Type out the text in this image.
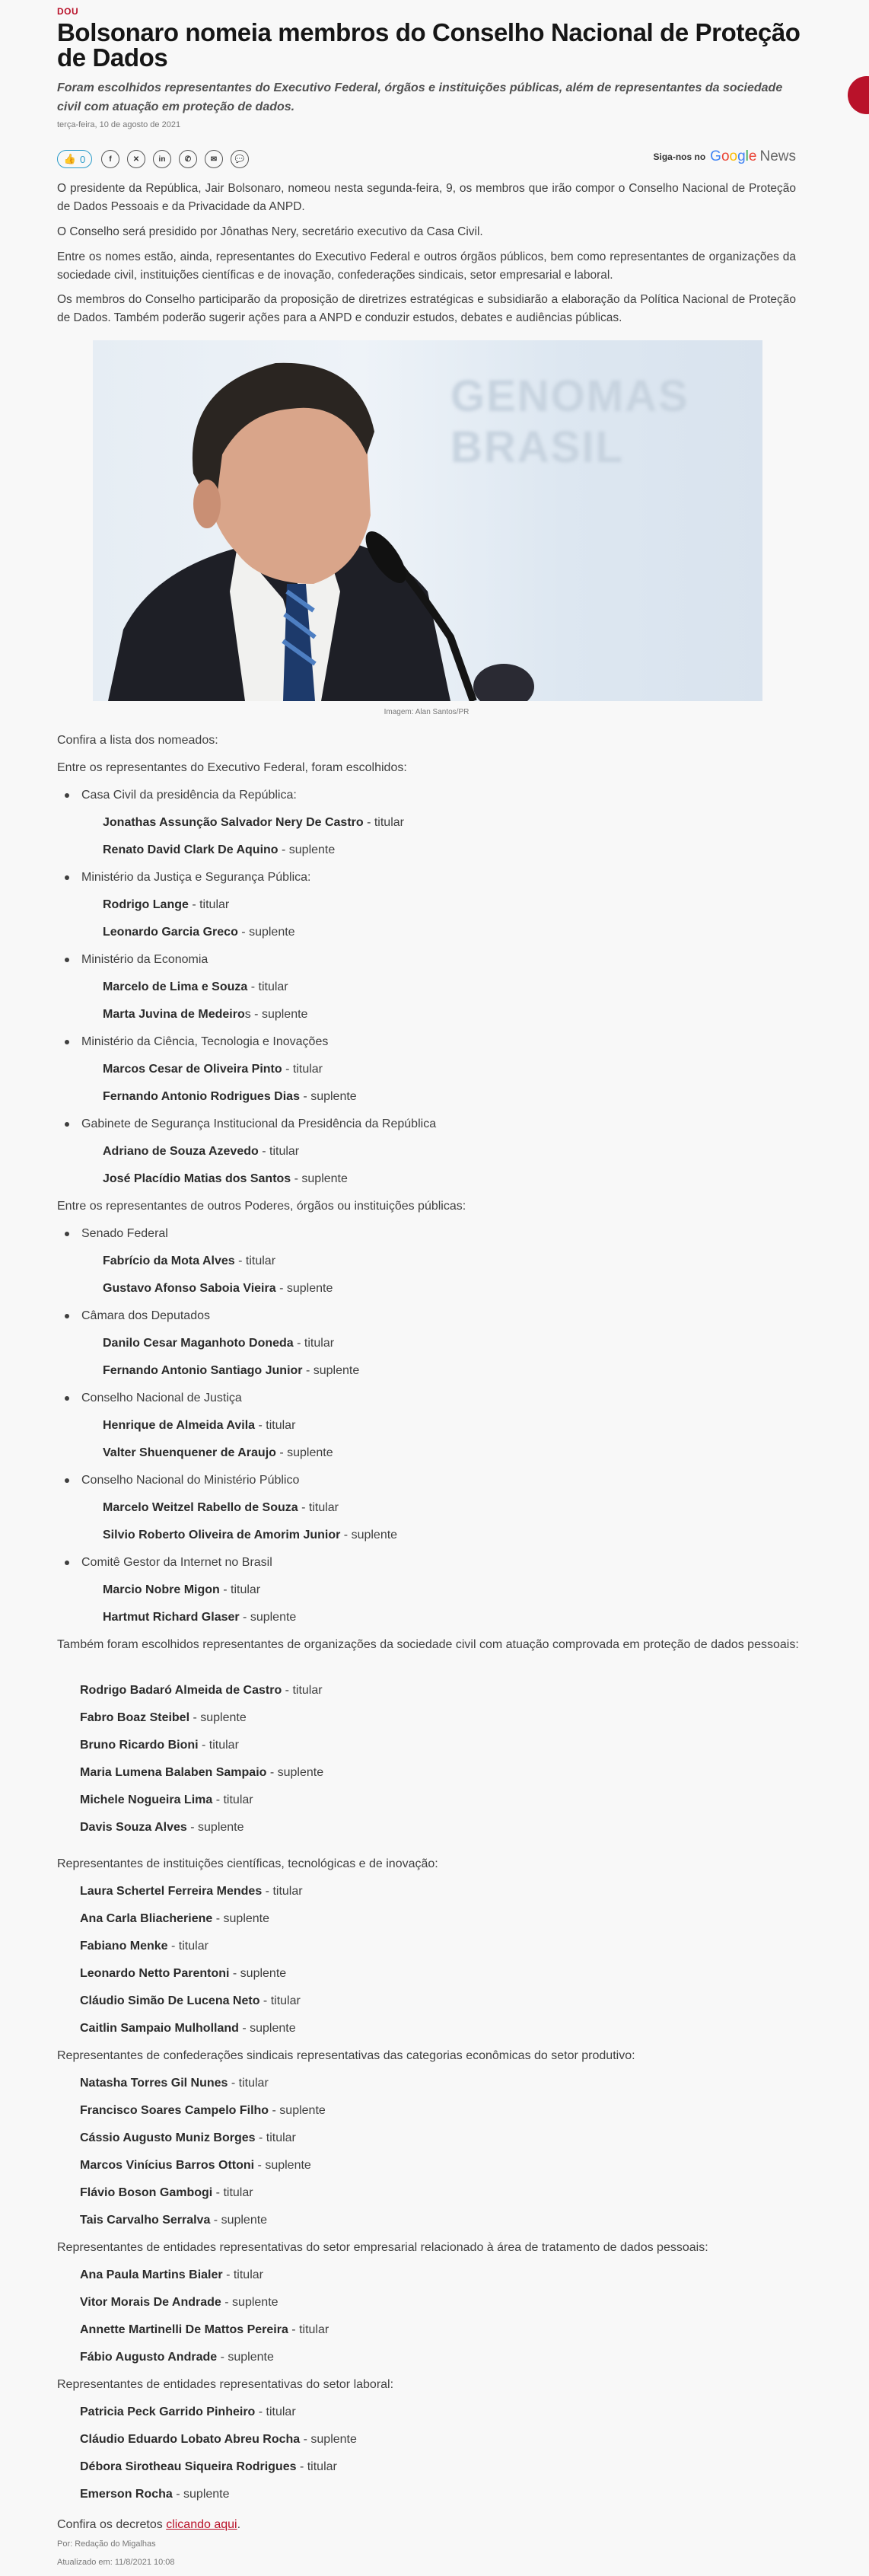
DOU
Bolsonaro nomeia membros do Conselho Nacional de Proteção de Dados

Foram escolhidos representantes do Executivo Federal, órgãos e instituições públicas, além de representantes da sociedade civil com atuação em proteção de dados.

terça-feira, 10 de agosto de 2021
👍 0	f	✕	in	✆	✉	💬	Siga-nos no Google News

O presidente da República, Jair Bolsonaro, nomeou nesta segunda-feira, 9, os membros que irão compor o Conselho Nacional de Proteção de Dados Pessoais e da Privacidade da ANPD.

O Conselho será presidido por Jônathas Nery, secretário executivo da Casa Civil.

Entre os nomes estão, ainda, representantes do Executivo Federal e outros órgãos públicos, bem como representantes de organizações da sociedade civil, instituições científicas e de inovação, confederações sindicais, setor empresarial e laboral.

Os membros do Conselho participarão da proposição de diretrizes estratégicas e subsidiarão a elaboração da Política Nacional de Proteção de Dados. Também poderão sugerir ações para a ANPD e conduzir estudos, debates e audiências públicas.

GENOMAS BRASIL
Imagem: Alan Santos/PR
Confira a lista dos nomeados:
Entre os representantes do Executivo Federal, foram escolhidos:
Casa Civil da presidência da República:
Jonathas Assunção Salvador Nery De Castro - titular
Renato David Clark De Aquino - suplente
Ministério da Justiça e Segurança Pública:
Rodrigo Lange - titular
Leonardo Garcia Greco - suplente
Ministério da Economia
Marcelo de Lima e Souza - titular
Marta Juvina de Medeiros - suplente
Ministério da Ciência, Tecnologia e Inovações
Marcos Cesar de Oliveira Pinto - titular
Fernando Antonio Rodrigues Dias - suplente
Gabinete de Segurança Institucional da Presidência da República
Adriano de Souza Azevedo - titular
José Placídio Matias dos Santos - suplente
Entre os representantes de outros Poderes, órgãos ou instituições públicas:
Senado Federal
Fabrício da Mota Alves - titular
Gustavo Afonso Saboia Vieira - suplente
Câmara dos Deputados
Danilo Cesar Maganhoto Doneda - titular
Fernando Antonio Santiago Junior - suplente
Conselho Nacional de Justiça
Henrique de Almeida Avila - titular
Valter Shuenquener de Araujo - suplente
Conselho Nacional do Ministério Público
Marcelo Weitzel Rabello de Souza - titular
Silvio Roberto Oliveira de Amorim Junior - suplente
Comitê Gestor da Internet no Brasil
Marcio Nobre Migon - titular
Hartmut Richard Glaser - suplente
Também foram escolhidos representantes de organizações da sociedade civil com atuação comprovada em proteção de dados pessoais:
Rodrigo Badaró Almeida de Castro - titular
Fabro Boaz Steibel - suplente
Bruno Ricardo Bioni - titular
Maria Lumena Balaben Sampaio - suplente
Michele Nogueira Lima - titular
Davis Souza Alves - suplente
Representantes de instituições científicas, tecnológicas e de inovação:
Laura Schertel Ferreira Mendes - titular
Ana Carla Bliacheriene - suplente
Fabiano Menke - titular
Leonardo Netto Parentoni - suplente
Cláudio Simão De Lucena Neto - titular
Caitlin Sampaio Mulholland - suplente
Representantes de confederações sindicais representativas das categorias econômicas do setor produtivo:
Natasha Torres Gil Nunes - titular
Francisco Soares Campelo Filho - suplente
Cássio Augusto Muniz Borges - titular
Marcos Vinícius Barros Ottoni - suplente
Flávio Boson Gambogi - titular
Tais Carvalho Serralva - suplente
Representantes de entidades representativas do setor empresarial relacionado à área de tratamento de dados pessoais:
Ana Paula Martins Bialer - titular
Vitor Morais De Andrade - suplente
Annette Martinelli De Mattos Pereira - titular
Fábio Augusto Andrade - suplente
Representantes de entidades representativas do setor laboral:
Patricia Peck Garrido Pinheiro - titular
Cláudio Eduardo Lobato Abreu Rocha - suplente
Débora Sirotheau Siqueira Rodrigues - titular
Emerson Rocha - suplente
Confira os decretos clicando aqui.
Por: Redação do Migalhas
Atualizado em: 11/8/2021 10:08
